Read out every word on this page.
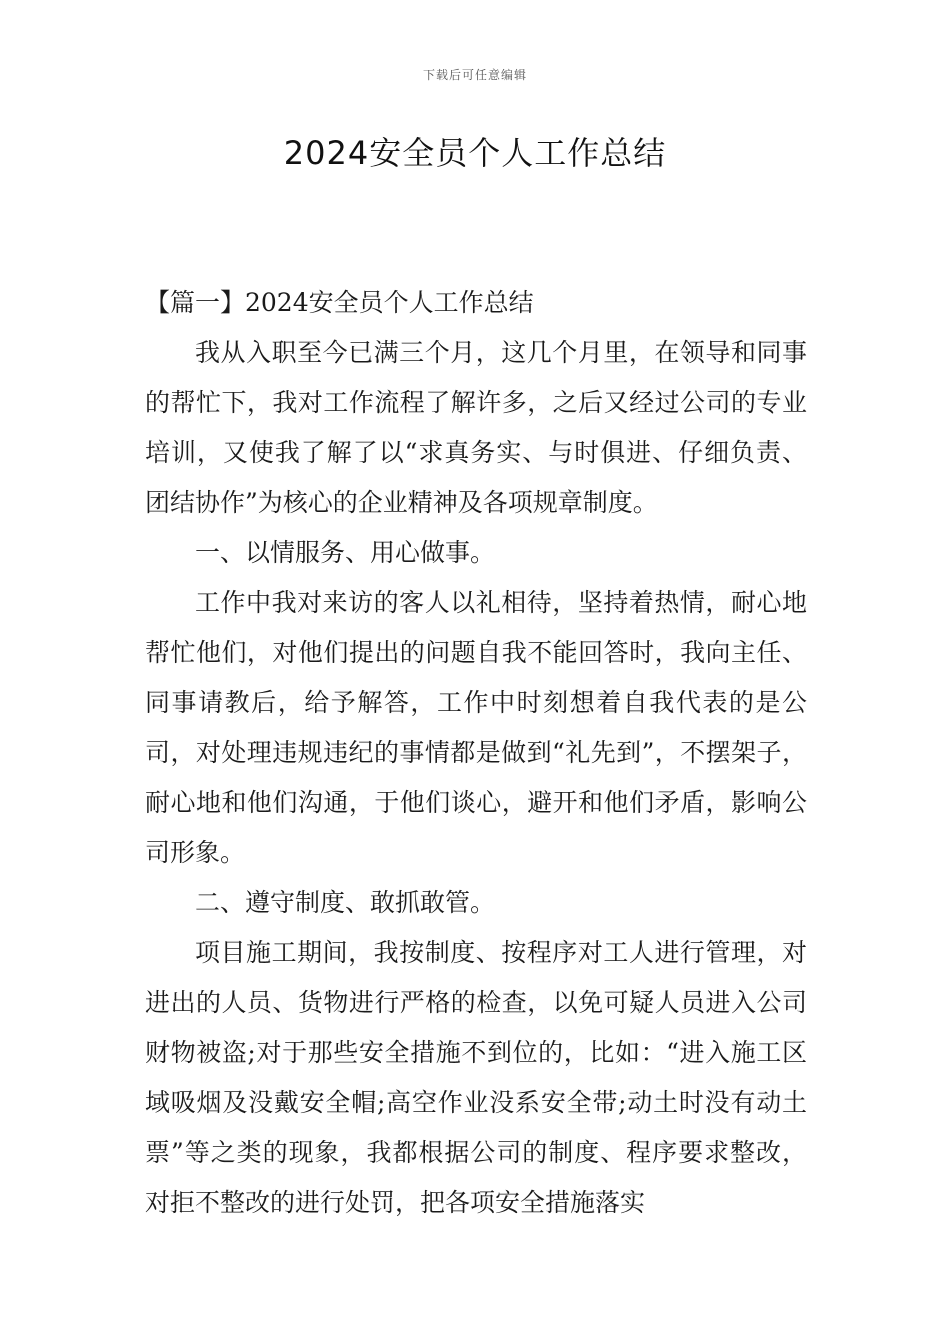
下载后可任意编辑
2024安全员个人工作总结

【篇一】2024安全员个人工作总结

我从入职至今已满三个月，这几个月里，在领导和同事的帮忙下，我对工作流程了解许多，之后又经过公司的专业培训，又使我了解了以“求真务实、与时俱进、仔细负责、团结协作”为核心的企业精神及各项规章制度。

一、以情服务、用心做事。

工作中我对来访的客人以礼相待，坚持着热情，耐心地帮忙他们，对他们提出的问题自我不能回答时，我向主任、同事请教后，给予解答，工作中时刻想着自我代表的是公司，对处理违规违纪的事情都是做到“礼先到”，不摆架子，耐心地和他们沟通，于他们谈心，避开和他们矛盾，影响公司形象。

二、遵守制度、敢抓敢管。

项目施工期间，我按制度、按程序对工人进行管理，对进出的人员、货物进行严格的检查，以免可疑人员进入公司财物被盗;对于那些安全措施不到位的，比如：“进入施工区域吸烟及没戴安全帽;高空作业没系安全带;动土时没有动土票”等之类的现象，我都根据公司的制度、程序要求整改，对拒不整改的进行处罚，把各项安全措施落实
